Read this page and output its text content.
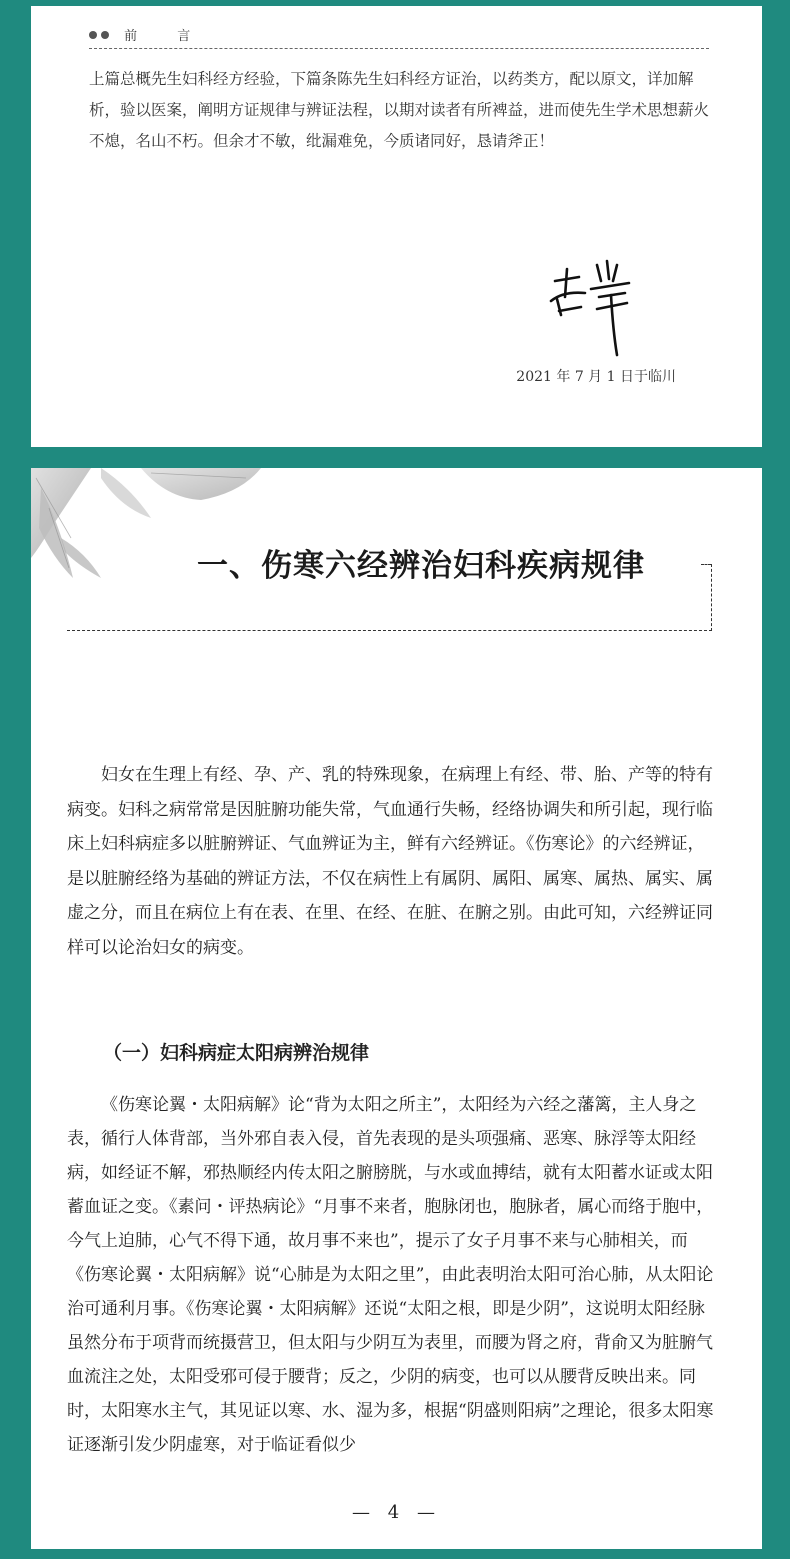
前 言

上篇总概先生妇科经方经验，下篇条陈先生妇科经方证治，以药类方，配以原文，详加解析，验以医案，阐明方证规律与辨证法程，以期对读者有所裨益，进而使先生学术思想薪火不熄，名山不朽。但余才不敏，纰漏难免，今质诸同好，恳请斧正！

2021 年 7 月 1 日于临川
一、伤寒六经辨治妇科疾病规律

妇女在生理上有经、孕、产、乳的特殊现象，在病理上有经、带、胎、产等的特有病变。妇科之病常常是因脏腑功能失常，气血通行失畅，经络协调失和所引起，现行临床上妇科病症多以脏腑辨证、气血辨证为主，鲜有六经辨证。《伤寒论》的六经辨证，是以脏腑经络为基础的辨证方法，不仅在病性上有属阴、属阳、属寒、属热、属实、属虚之分，而且在病位上有在表、在里、在经、在脏、在腑之别。由此可知，六经辨证同样可以论治妇女的病变。

（一）妇科病症太阳病辨治规律

《伤寒论翼・太阳病解》论“背为太阳之所主”，太阳经为六经之藩篱，主人身之表，循行人体背部，当外邪自表入侵，首先表现的是头项强痛、恶寒、脉浮等太阳经病，如经证不解，邪热顺经内传太阳之腑膀胱，与水或血搏结，就有太阳蓄水证或太阳蓄血证之变。《素问・评热病论》“月事不来者，胞脉闭也，胞脉者，属心而络于胞中，今气上迫肺，心气不得下通，故月事不来也”，提示了女子月事不来与心肺相关，而《伤寒论翼・太阳病解》说“心肺是为太阳之里”，由此表明治太阳可治心肺，从太阳论治可通利月事。《伤寒论翼・太阳病解》还说“太阳之根，即是少阴”，这说明太阳经脉虽然分布于项背而统摄营卫，但太阳与少阴互为表里，而腰为肾之府，背俞又为脏腑气血流注之处，太阳受邪可侵于腰背；反之，少阴的病变，也可以从腰背反映出来。同时，太阳寒水主气，其见证以寒、水、湿为多，根据“阴盛则阳病”之理论，很多太阳寒证逐渐引发少阴虚寒，对于临证看似少

— 4 —
